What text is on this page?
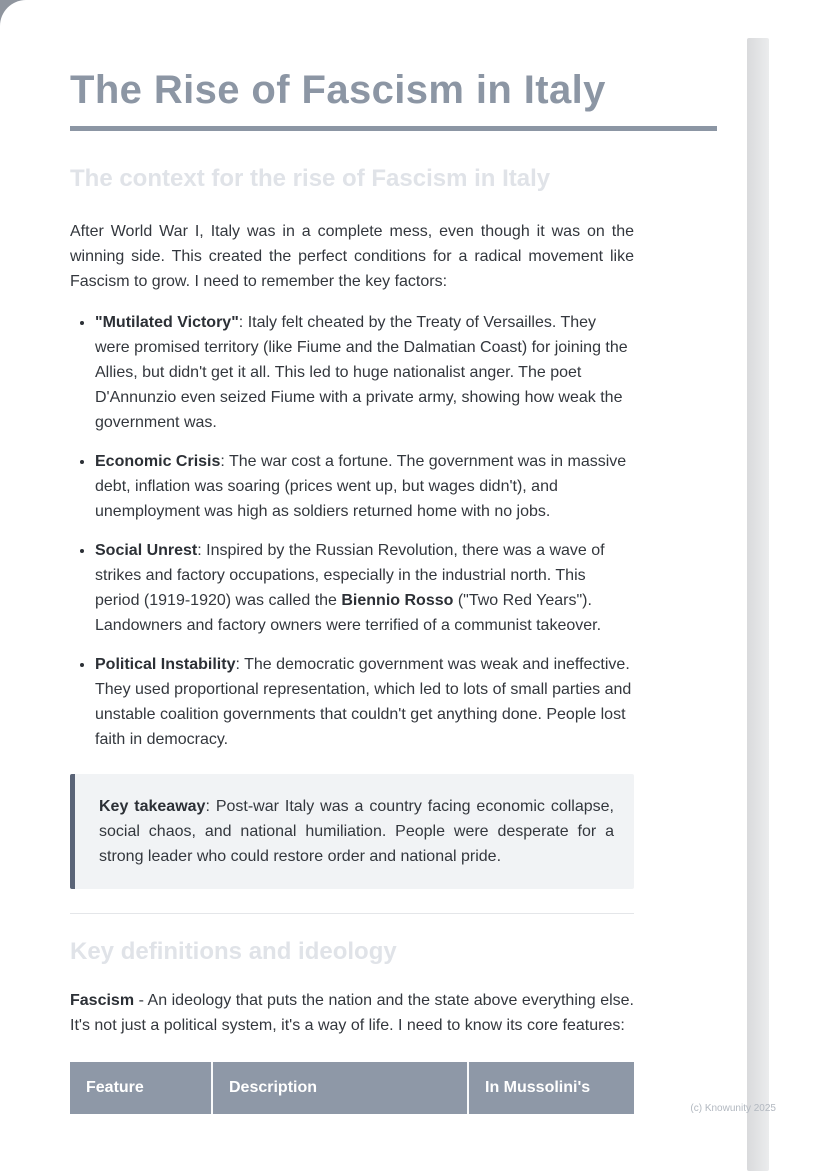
The Rise of Fascism in Italy
The context for the rise of Fascism in Italy

After World War I, Italy was in a complete mess, even though it was on the winning side. This created the perfect conditions for a radical movement like Fascism to grow. I need to remember the key factors:

• "Mutilated Victory": Italy felt cheated by the Treaty of Versailles. They were promised territory (like Fiume and the Dalmatian Coast) for joining the Allies, but didn't get it all. This led to huge nationalist anger. The poet D'Annunzio even seized Fiume with a private army, showing how weak the government was.
• Economic Crisis: The war cost a fortune. The government was in massive debt, inflation was soaring (prices went up, but wages didn't), and unemployment was high as soldiers returned home with no jobs.
• Social Unrest: Inspired by the Russian Revolution, there was a wave of strikes and factory occupations, especially in the industrial north. This period (1919-1920) was called the Biennio Rosso ("Two Red Years"). Landowners and factory owners were terrified of a communist takeover.
• Political Instability: The democratic government was weak and ineffective. They used proportional representation, which led to lots of small parties and unstable coalition governments that couldn't get anything done. People lost faith in democracy.
Key takeaway: Post-war Italy was a country facing economic collapse, social chaos, and national humiliation. People were desperate for a strong leader who could restore order and national pride.
Key definitions and ideology

Fascism - An ideology that puts the nation and the state above everything else. It's not just a political system, it's a way of life. I need to know its core features:

Feature	Description	In Mussolini's
(c) Knowunity 2025
